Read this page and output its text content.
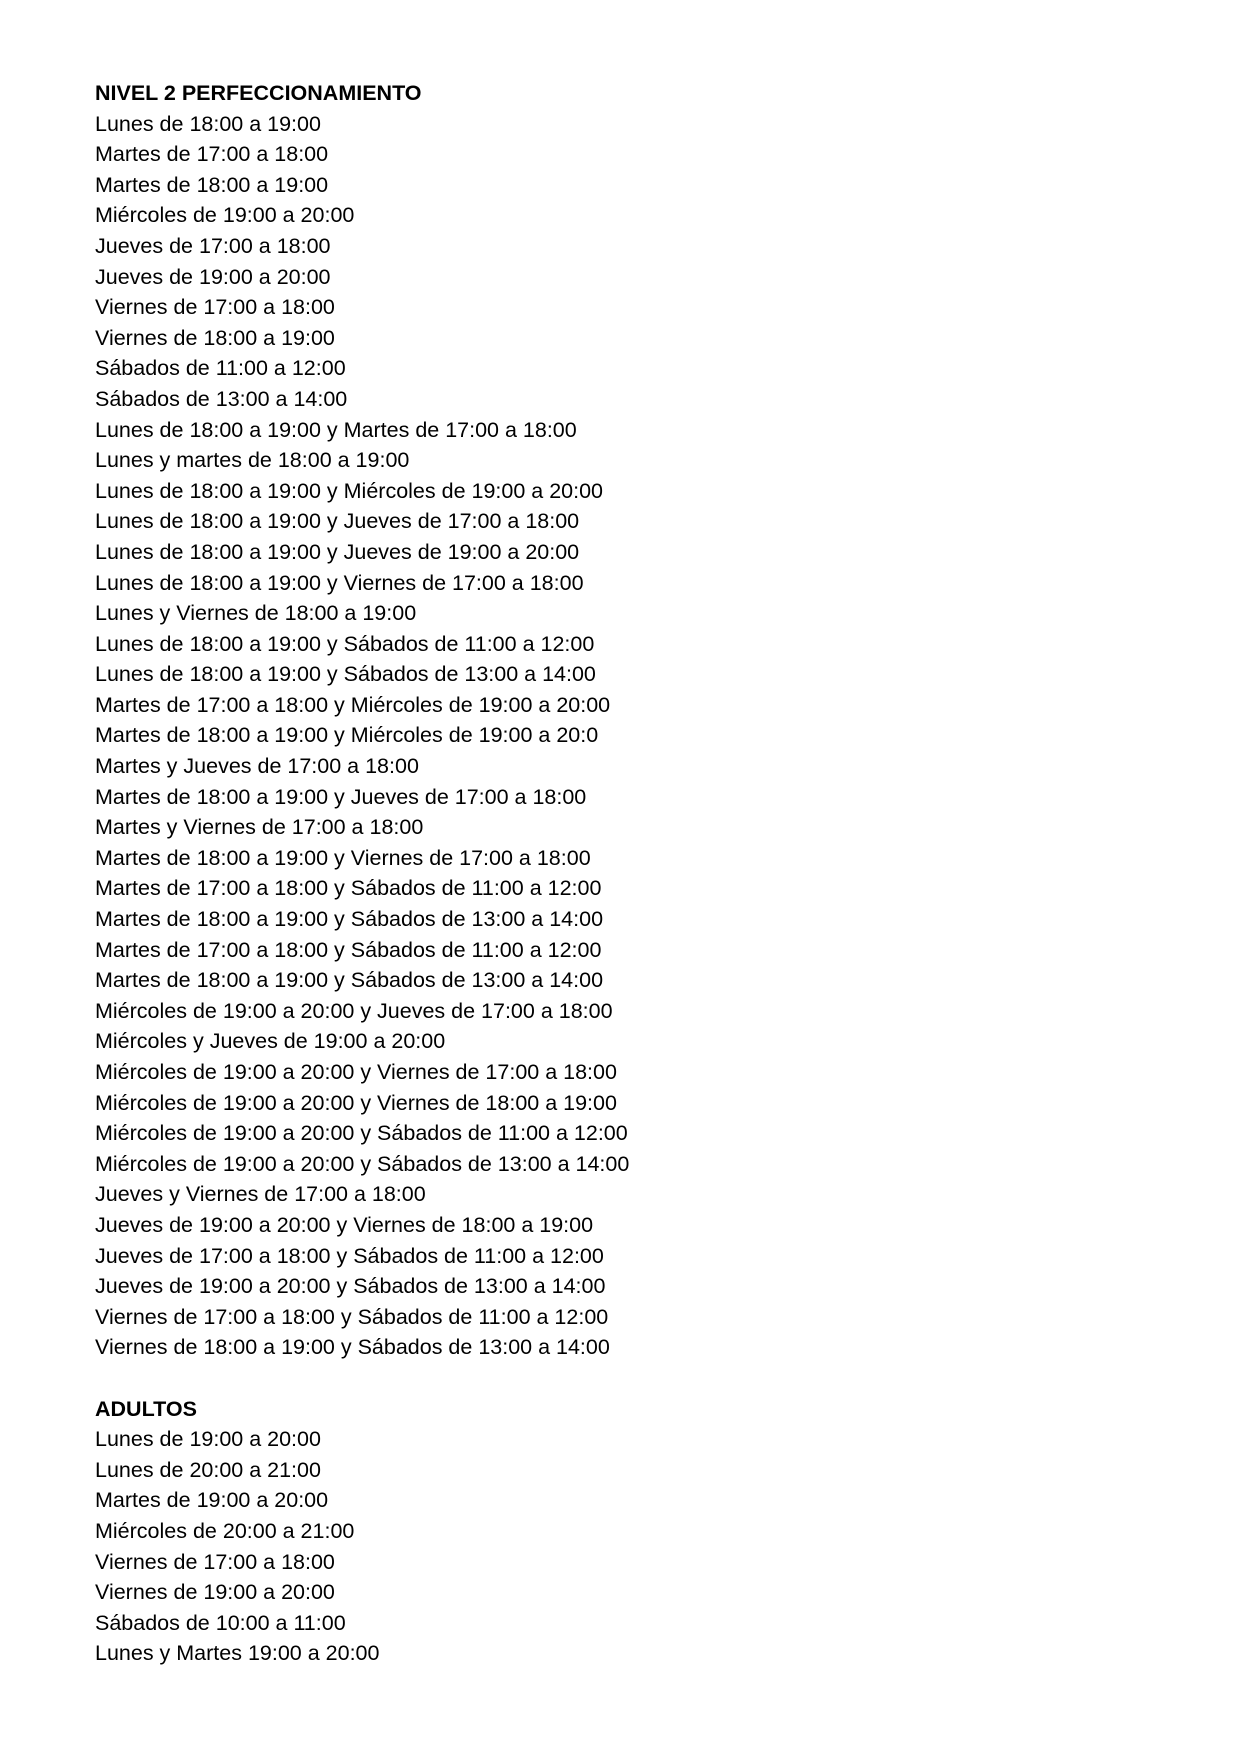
NIVEL 2 PERFECCIONAMIENTO
Lunes de 18:00 a 19:00
Martes de 17:00 a 18:00
Martes de 18:00 a 19:00
Miércoles de 19:00 a 20:00
Jueves de 17:00 a 18:00
Jueves de 19:00 a 20:00
Viernes de 17:00 a 18:00
Viernes de 18:00 a 19:00
Sábados de 11:00 a 12:00
Sábados de 13:00 a 14:00
Lunes de 18:00 a 19:00 y Martes de 17:00 a 18:00
Lunes y martes de 18:00 a 19:00
Lunes de 18:00 a 19:00 y Miércoles de 19:00 a 20:00
Lunes de 18:00 a 19:00 y Jueves de 17:00 a 18:00
Lunes de 18:00 a 19:00 y Jueves de 19:00 a 20:00
Lunes de 18:00 a 19:00 y Viernes de 17:00 a 18:00
Lunes y Viernes de 18:00 a 19:00
Lunes de 18:00 a 19:00 y Sábados de 11:00 a 12:00
Lunes de 18:00 a 19:00 y Sábados de 13:00 a 14:00
Martes de 17:00 a 18:00 y Miércoles de 19:00 a 20:00
Martes de 18:00 a 19:00 y Miércoles de 19:00 a 20:0
Martes y Jueves de 17:00 a 18:00
Martes de 18:00 a 19:00 y Jueves de 17:00 a 18:00
Martes y Viernes de 17:00 a 18:00
Martes de 18:00 a 19:00 y Viernes de 17:00 a 18:00
Martes de 17:00 a 18:00 y Sábados de 11:00 a 12:00
Martes de 18:00 a 19:00 y Sábados de 13:00 a 14:00
Martes de 17:00 a 18:00 y Sábados de 11:00 a 12:00
Martes de 18:00 a 19:00 y Sábados de 13:00 a 14:00
Miércoles de 19:00 a 20:00 y Jueves de 17:00 a 18:00
Miércoles y Jueves de 19:00 a 20:00
Miércoles de 19:00 a 20:00 y Viernes de 17:00 a 18:00
Miércoles de 19:00 a 20:00 y Viernes de 18:00 a 19:00
Miércoles de 19:00 a 20:00 y Sábados de 11:00 a 12:00
Miércoles de 19:00 a 20:00 y Sábados de 13:00 a 14:00
Jueves y Viernes de 17:00 a 18:00
Jueves de 19:00 a 20:00 y Viernes de 18:00 a 19:00
Jueves de 17:00 a 18:00 y Sábados de 11:00 a 12:00
Jueves de 19:00 a 20:00 y Sábados de 13:00 a 14:00
Viernes de 17:00 a 18:00 y Sábados de 11:00 a 12:00
Viernes de 18:00 a 19:00 y Sábados de 13:00 a 14:00
ADULTOS
Lunes de 19:00 a 20:00
Lunes de 20:00 a 21:00
Martes de 19:00 a 20:00
Miércoles de 20:00 a 21:00
Viernes de 17:00 a 18:00
Viernes de 19:00 a 20:00
Sábados de 10:00 a 11:00
Lunes y Martes 19:00 a 20:00
